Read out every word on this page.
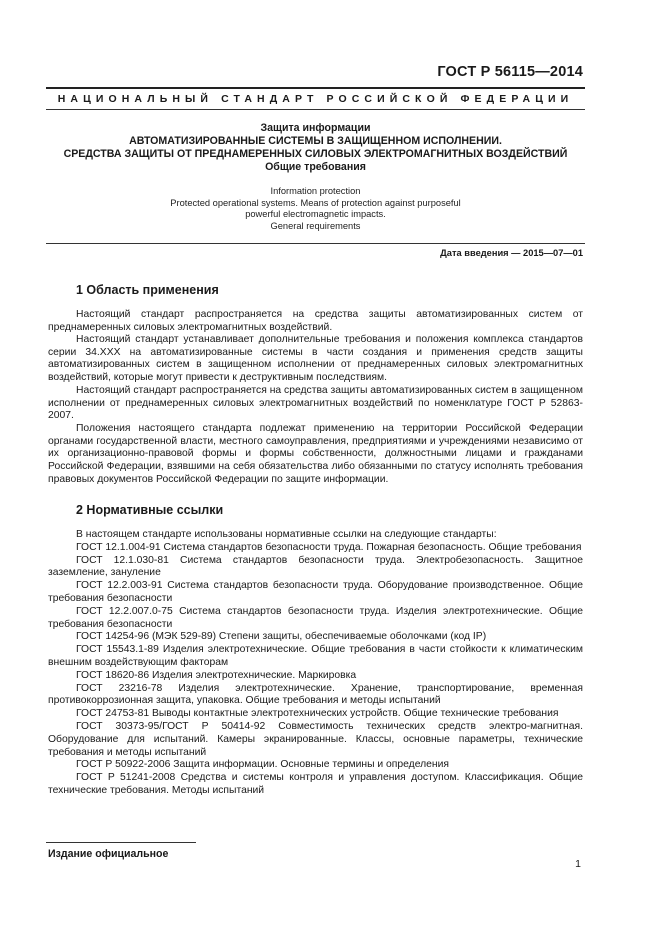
ГОСТ Р 56115—2014
НАЦИОНАЛЬНЫЙ СТАНДАРТ РОССИЙСКОЙ ФЕДЕРАЦИИ
Защита информации
АВТОМАТИЗИРОВАННЫЕ СИСТЕМЫ В ЗАЩИЩЕННОМ ИСПОЛНЕНИИ.
СРЕДСТВА ЗАЩИТЫ ОТ ПРЕДНАМЕРЕННЫХ СИЛОВЫХ ЭЛЕКТРОМАГНИТНЫХ ВОЗДЕЙСТВИЙ
Общие требования
Information protection
Protected operational systems. Means of protection against purposeful
powerful electromagnetic impacts.
General requirements
Дата введения — 2015—07—01
1 Область применения
Настоящий стандарт распространяется на средства защиты автоматизированных систем от преднамеренных силовых электромагнитных воздействий.
Настоящий стандарт устанавливает дополнительные требования и положения комплекса стандартов серии 34.ХХХ на автоматизированные системы в части создания и применения средств защиты автоматизированных систем в защищенном исполнении от преднамеренных силовых электромагнитных воздействий, которые могут привести к деструктивным последствиям.
Настоящий стандарт распространяется на средства защиты автоматизированных систем в защищенном исполнении от преднамеренных силовых электромагнитных воздействий по номенклатуре ГОСТ Р 52863-2007.
Положения настоящего стандарта подлежат применению на территории Российской Федерации органами государственной власти, местного самоуправления, предприятиями и учреждениями независимо от их организационно-правовой формы и формы собственности, должностными лицами и гражданами Российской Федерации, взявшими на себя обязательства либо обязанными по статусу исполнять требования правовых документов Российской Федерации по защите информации.
2 Нормативные ссылки

В настоящем стандарте использованы нормативные ссылки на следующие стандарты:

ГОСТ 12.1.004-91 Система стандартов безопасности труда. Пожарная безопасность. Общие требования

ГОСТ 12.1.030-81 Система стандартов безопасности труда. Электробезопасность. Защитное заземление, зануление

ГОСТ 12.2.003-91 Система стандартов безопасности труда. Оборудование производственное. Общие требования безопасности

ГОСТ 12.2.007.0-75 Система стандартов безопасности труда. Изделия электротехнические. Общие требования безопасности

ГОСТ 14254-96 (МЭК 529-89) Степени защиты, обеспечиваемые оболочками (код IP)

ГОСТ 15543.1-89 Изделия электротехнические. Общие требования в части стойкости к климатическим внешним воздействующим факторам

ГОСТ 18620-86 Изделия электротехнические. Маркировка

ГОСТ 23216-78 Изделия электротехнические. Хранение, транспортирование, временная противокоррозионная защита, упаковка. Общие требования и методы испытаний

ГОСТ 24753-81 Выводы контактные электротехнических устройств. Общие технические требования

ГОСТ 30373-95/ГОСТ Р 50414-92 Совместимость технических средств электро-магнитная. Оборудование для испытаний. Камеры экранированные. Классы, основные параметры, технические требования и методы испытаний

ГОСТ Р 50922-2006 Защита информации. Основные термины и определения

ГОСТ Р 51241-2008 Средства и системы контроля и управления доступом. Классификация. Общие технические требования. Методы испытаний

Издание официальное
1
